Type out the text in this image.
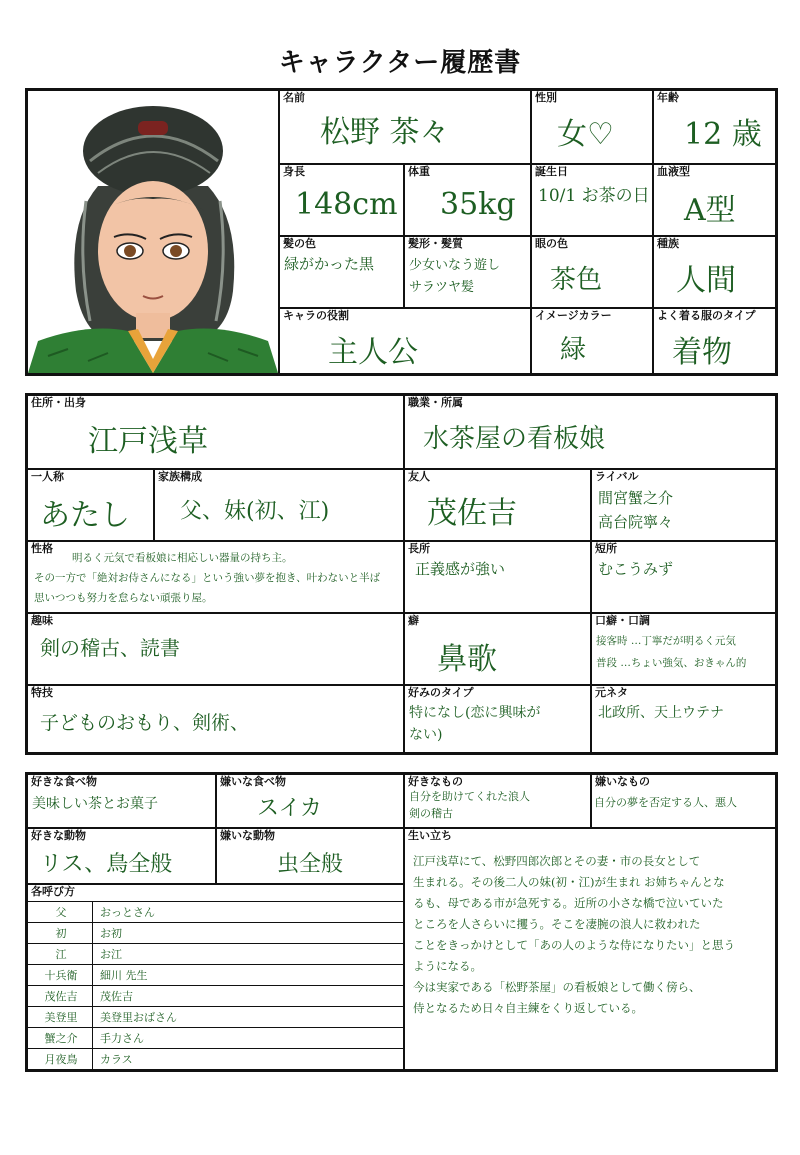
キャラクター履歴書
名前
松野 茶々
性別
女♡
年齢
12 歳
身長
148cm
体重
35kg
誕生日
10/1 お茶の日
血液型
A型
髪の色
緑がかった黒
髪形・髪質
少女いなう遊し
サラツヤ髪
眼の色
茶色
種族
人間
キャラの役割
主人公
イメージカラー
緑
よく着る服のタイプ
着物
住所・出身
江戸浅草
職業・所属
水茶屋の看板娘
一人称
あたし
家族構成
父、妹(初、江)
友人
茂佐吉
ライバル
間宮蟹之介
高台院寧々
性格
明るく元気で看板娘に相応しい器量の持ち主。
その一方で「絶対お侍さんになる」という強い夢を抱き、叶わないと半ば
思いつつも努力を怠らない頑張り屋。
長所
正義感が強い
短所
むこうみず
趣味
剣の稽古、読書
癖
鼻歌
口癖・口調
接客時 …丁寧だが明るく元気
普段 …ちょい強気、おきゃん的
特技
子どものおもり、剣術、
好みのタイプ
特になし(恋に興味が
ない)
元ネタ
北政所、天上ウテナ
好きな食べ物
美味しい茶とお菓子
嫌いな食べ物
スイカ
好きなもの
自分を助けてくれた浪人
剣の稽古
嫌いなもの
自分の夢を否定する人、悪人
好きな動物
リス、鳥全般
嫌いな動物
虫全般
生い立ち
江戸浅草にて、松野四郎次郎とその妻・市の長女として
生まれる。その後二人の妹(初・江)が生まれ お姉ちゃんとな
るも、母である市が急死する。近所の小さな橋で泣いていた
ところを人さらいに攫う。そこを凄腕の浪人に救われた
ことをきっかけとして「あの人のような侍になりたい」と思う
ようになる。
今は実家である「松野茶屋」の看板娘として働く傍ら、
侍となるため日々自主練をくり返している。
各呼び方
父	おっとさん
初	お初
江	お江
十兵衛	細川 先生
茂佐吉	茂佐吉
美登里	美登里おばさん
蟹之介	手力さん
月夜鳥	カラス
